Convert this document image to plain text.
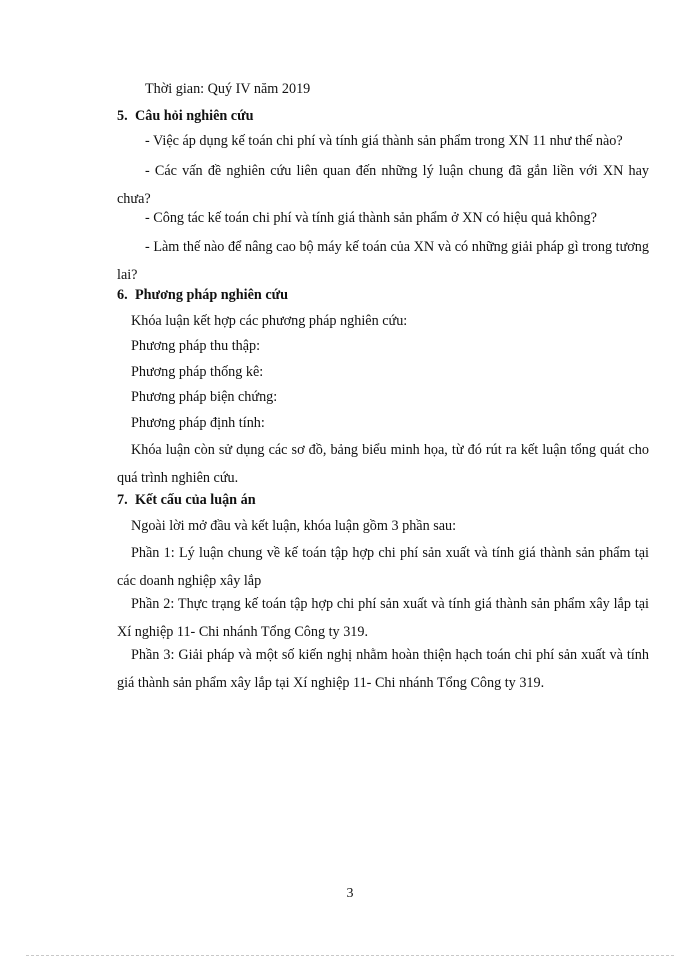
Thời gian: Quý IV năm 2019
5. Câu hỏi nghiên cứu
- Việc áp dụng kế toán chi phí và tính giá thành sản phẩm trong XN 11 như thế nào?
- Các vấn đề nghiên cứu liên quan đến những lý luận chung đã gắn liền với XN hay chưa?
- Công tác kế toán chi phí và tính giá thành sản phẩm ở XN có hiệu quả không?
- Làm thế nào để nâng cao bộ máy kế toán của XN và có những giải pháp gì trong tương lai?
6. Phương pháp nghiên cứu
Khóa luận kết hợp các phương pháp nghiên cứu:
Phương pháp thu thập:
Phương pháp thống kê:
Phương pháp biện chứng:
Phương pháp định tính:
Khóa luận còn sử dụng các sơ đồ, bảng biểu minh họa, từ đó rút ra kết luận tổng quát cho quá trình nghiên cứu.
7. Kết cấu của luận án
Ngoài lời mở đầu và kết luận, khóa luận gồm 3 phần sau:
Phần 1: Lý luận chung về kế toán tập hợp chi phí sản xuất và tính giá thành sản phẩm tại các doanh nghiệp xây lắp
Phần 2: Thực trạng kế toán tập hợp chi phí sản xuất và tính giá thành sản phẩm xây lắp tại Xí nghiệp 11- Chi nhánh Tổng Công ty 319.
Phần 3: Giải pháp và một số kiến nghị nhằm hoàn thiện hạch toán chi phí sản xuất và tính giá thành sản phẩm xây lắp tại Xí nghiệp 11- Chi nhánh Tổng Công ty 319.
3
